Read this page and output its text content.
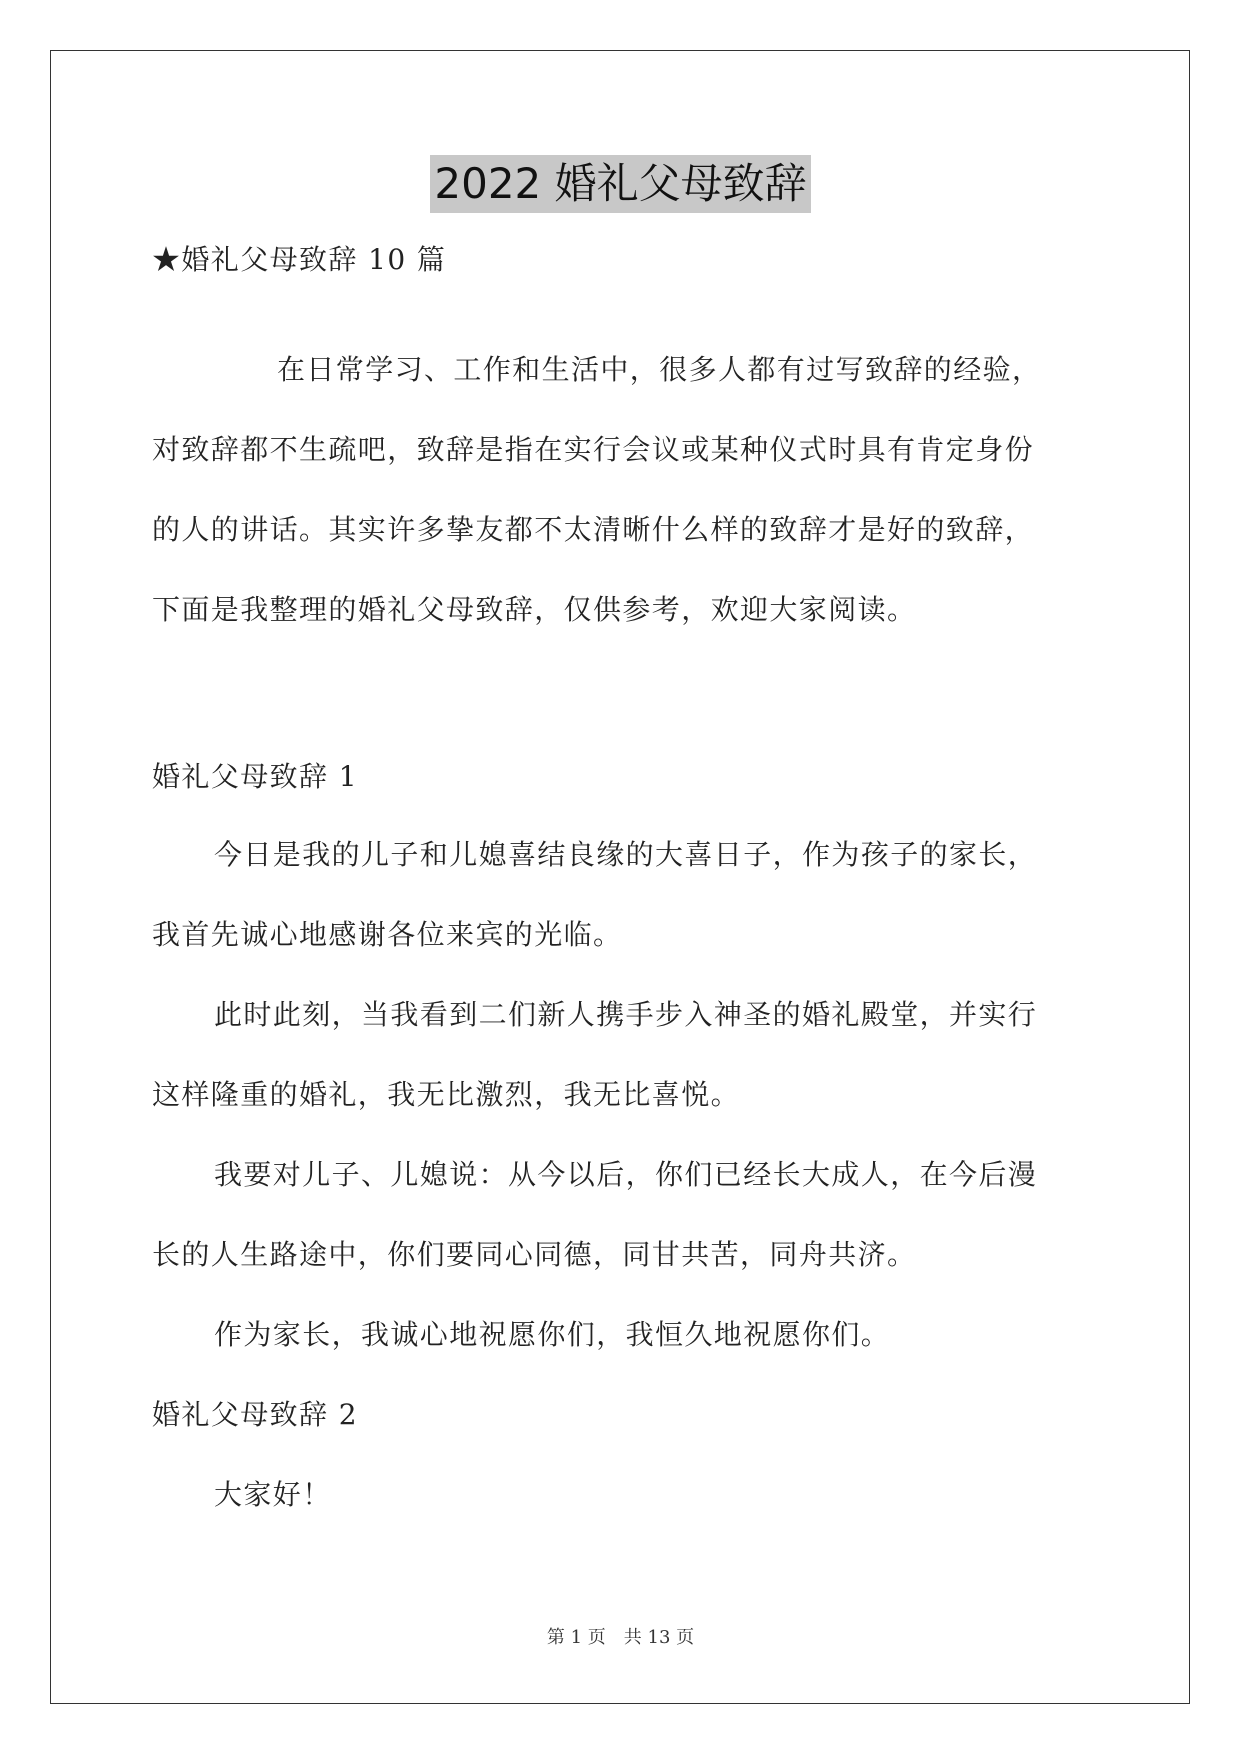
2022 婚礼父母致辞
★婚礼父母致辞 10 篇
在日常学习、工作和生活中，很多人都有过写致辞的经验，
对致辞都不生疏吧，致辞是指在实行会议或某种仪式时具有肯定身份
的人的讲话。其实许多挚友都不太清晰什么样的致辞才是好的致辞，
下面是我整理的婚礼父母致辞，仅供参考，欢迎大家阅读。
婚礼父母致辞 1
今日是我的儿子和儿媳喜结良缘的大喜日子，作为孩子的家长，
我首先诚心地感谢各位来宾的光临。
此时此刻，当我看到二们新人携手步入神圣的婚礼殿堂，并实行
这样隆重的婚礼，我无比激烈，我无比喜悦。
我要对儿子、儿媳说：从今以后，你们已经长大成人，在今后漫
长的人生路途中，你们要同心同德，同甘共苦，同舟共济。
作为家长，我诚心地祝愿你们，我恒久地祝愿你们。
婚礼父母致辞 2
大家好！
第 1 页　共 13 页
